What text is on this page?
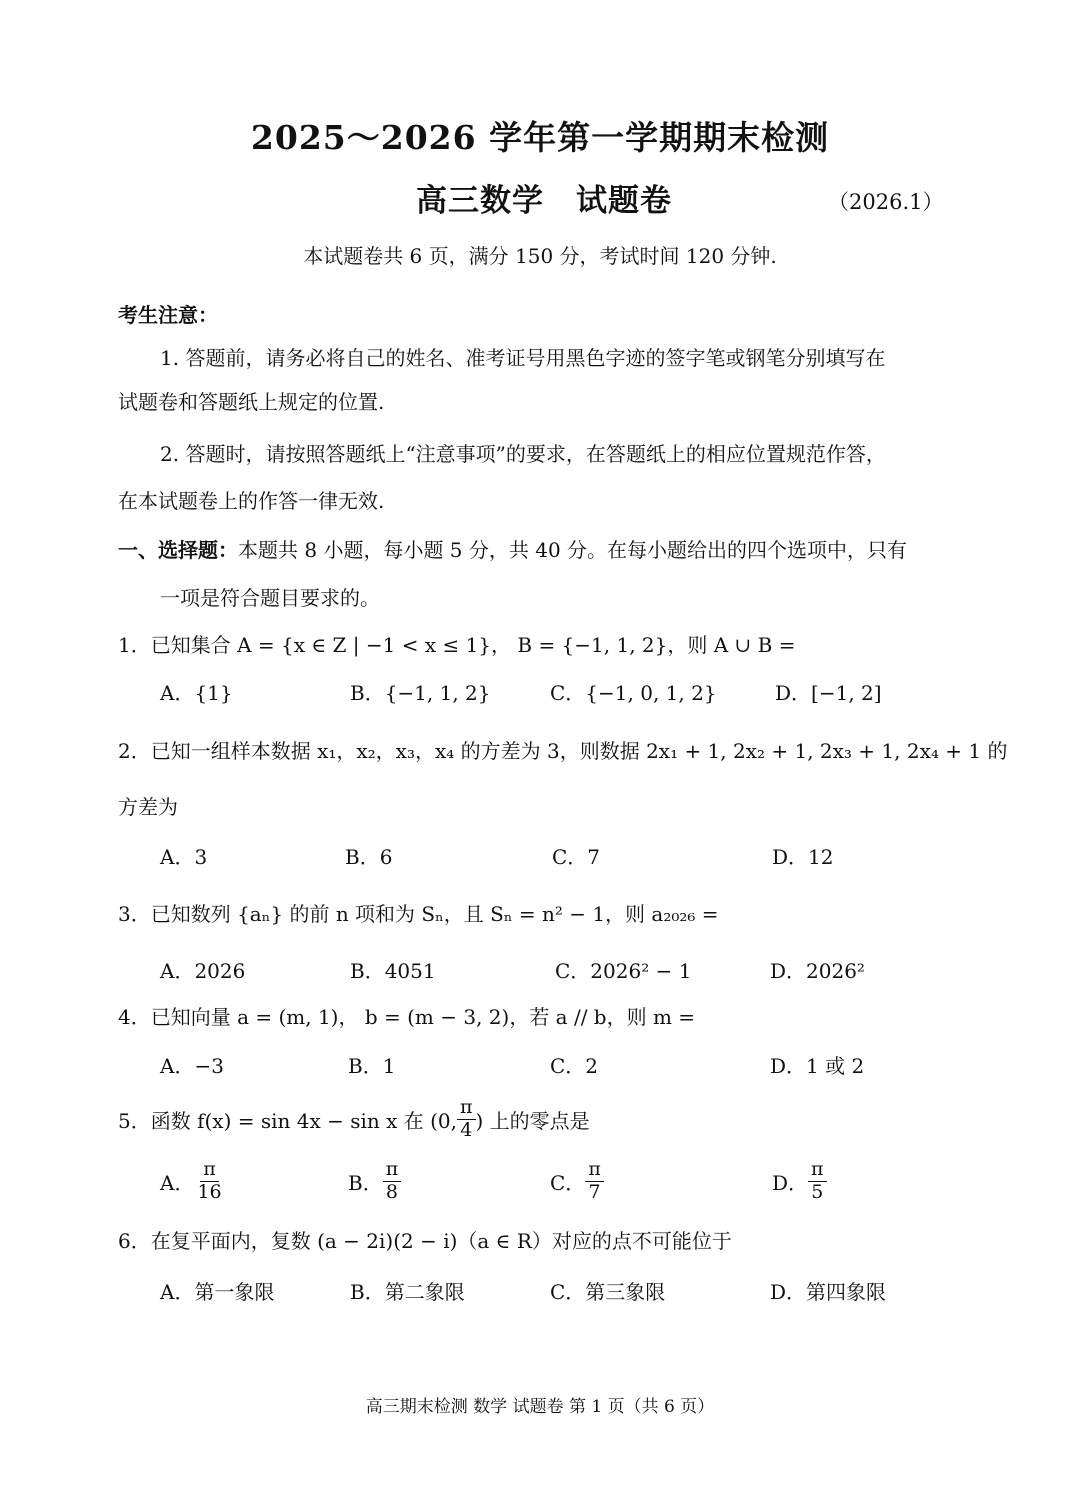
2025～2026 学年第一学期期末检测
高三数学　试题卷	（2026.1）
本试题卷共 6 页，满分 150 分，考试时间 120 分钟.
考生注意：
1. 答题前，请务必将自己的姓名、准考证号用黑色字迹的签字笔或钢笔分别填写在
试题卷和答题纸上规定的位置.
2. 答题时，请按照答题纸上“注意事项”的要求，在答题纸上的相应位置规范作答，
在本试题卷上的作答一律无效.
一、选择题：本题共 8 小题，每小题 5 分，共 40 分。在每小题给出的四个选项中，只有
一项是符合题目要求的。
1．已知集合 A = {x ∈ Z | −1 < x ≤ 1}， B = {−1, 1, 2}，则 A ∪ B =
A．{1}	B．{−1, 1, 2}	C．{−1, 0, 1, 2}	D．[−1, 2]
2．已知一组样本数据 x₁，x₂，x₃，x₄ 的方差为 3，则数据 2x₁ + 1, 2x₂ + 1, 2x₃ + 1, 2x₄ + 1 的
方差为
A．3	B．6	C．7	D．12
3．已知数列 {aₙ} 的前 n 项和为 Sₙ，且 Sₙ = n² − 1，则 a₂₀₂₆ =
A．2026	B．4051	C．2026² − 1	D．2026²
4．已知向量 a = (m, 1)， b = (m − 3, 2)，若 a // b，则 m =
A．−3	B．1	C．2	D．1 或 2
5．函数 f(x) = sin 4x − sin x 在 (0, $\frac{\pi}{4}$ ) 上的零点是
A． $\frac{\pi}{16}$	B． $\frac{\pi}{8}$	C． $\frac{\pi}{7}$	D． $\frac{\pi}{5}$
6．在复平面内，复数 (a − 2i)(2 − i)（a ∈ R）对应的点不可能位于
A．第一象限	B．第二象限	C．第三象限	D．第四象限
高三期末检测 数学 试题卷 第 1 页（共 6 页）
